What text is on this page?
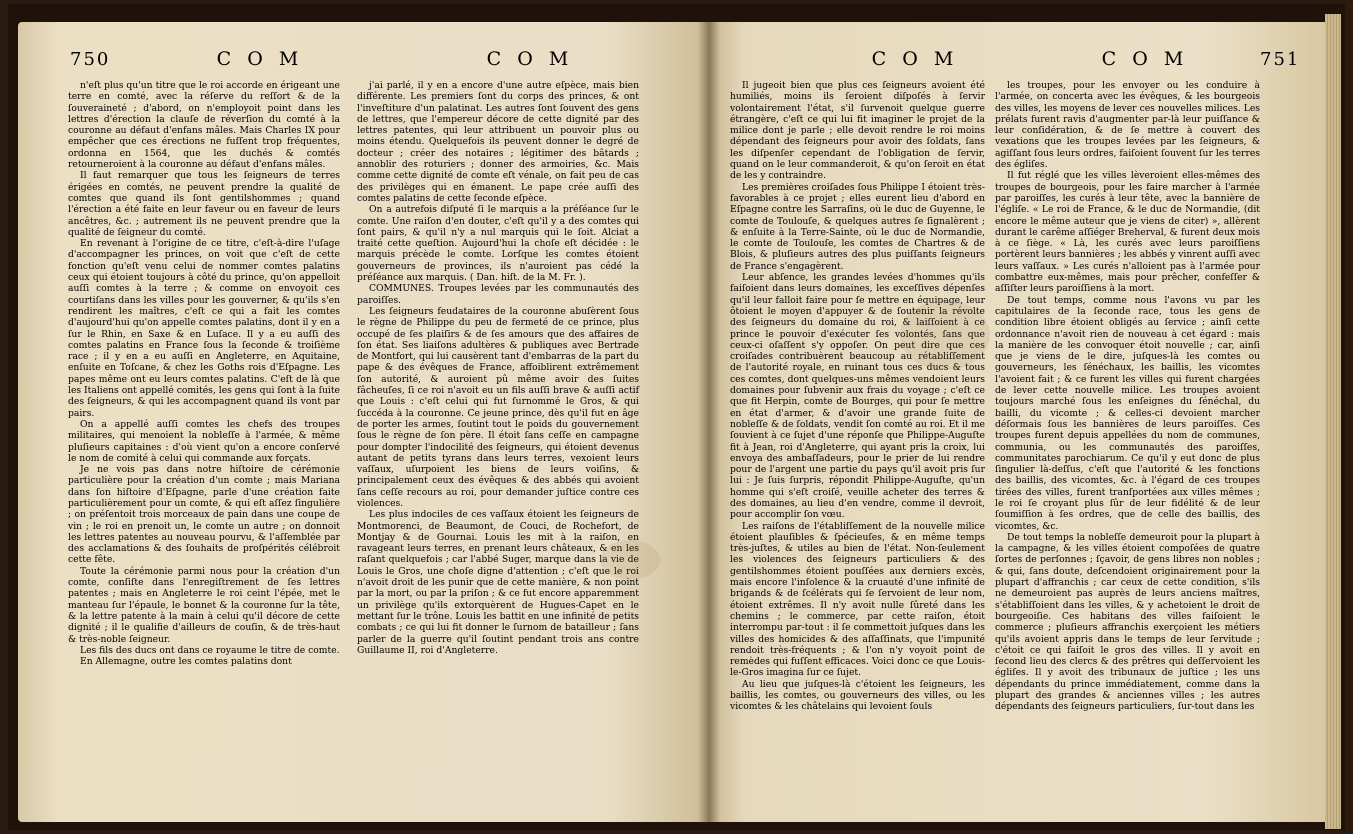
750	C O M	C O M	C O M	C O M	751

n'eſt plus qu'un titre que le roi accorde en érigeant une terre en comté, avec la réſerve du reſſort & de la ſouveraineté ; d'abord, on n'employoit point dans les lettres d'érection la clauſe de réverſion du comté à la couronne au défaut d'enfans mâles. Mais Charles IX pour empêcher que ces érections ne fuſſent trop fréquentes, ordonna en 1564, que les duchés & comtés retourneroient à la couronne au défaut d'enfans mâles.

Il faut remarquer que tous les ſeigneurs de terres érigées en comtés, ne peuvent prendre la qualité de comtes que quand ils ſont gentilshommes ; quand l'érection a été faite en leur faveur ou en faveur de leurs ancêtres, &c. ; autrement ils ne peuvent prendre que la qualité de ſeigneur du comté.

En revenant à l'origine de ce titre, c'eſt-à-dire l'uſage d'accompagner les princes, on voit que c'eſt de cette fonction qu'eſt venu celui de nommer comtes palatins ceux qui étoient toujours à côté du prince, qu'on appelloit auſſi comtes à la terre ; & comme on envoyoit ces courtiſans dans les villes pour les gouverner, & qu'ils s'en rendirent les maîtres, c'eſt ce qui a fait les comtes d'aujourd'hui qu'on appelle comtes palatins, dont il y en a ſur le Rhin, en Saxe & en Luſace. Il y a eu auſſi des comtes palatins en France ſous la ſeconde & troiſième race ; il y en a eu auſſi en Angleterre, en Aquitaine, enſuite en Toſcane, & chez les Goths rois d'Eſpagne. Les papes même ont eu leurs comtes palatins. C'eſt de là que les Italiens ont appellé comités, les gens qui ſont à la ſuite des ſeigneurs, & qui les accompagnent quand ils vont par pairs.

On a appellé auſſi comtes les chefs des troupes militaires, qui menoient la nobleſſe à l'armée, & même pluſieurs capitaines : d'où vient qu'on a encore conſervé le nom de comité à celui qui commande aux forçats.

Je ne vois pas dans notre hiſtoire de cérémonie particulière pour la création d'un comte ; mais Mariana dans ſon hiſtoire d'Eſpagne, parle d'une création faite particulièrement pour un comte, & qui eſt aſſez ſingulière ; on préſentoit trois morceaux de pain dans une coupe de vin ; le roi en prenoit un, le comte un autre ; on donnoit les lettres patentes au nouveau pourvu, & l'aſſemblée par des acclamations & des ſouhaits de proſpérités célébroit cette fête.

Toute la cérémonie parmi nous pour la création d'un comte, conſiſte dans l'enregiſtrement de ſes lettres patentes ; mais en Angleterre le roi ceint l'épée, met le manteau ſur l'épaule, le bonnet & la couronne ſur la tête, & la lettre patente à la main à celui qu'il décore de cette dignité ; il le qualifie d'ailleurs de couſin, & de très-haut & très-noble ſeigneur.

Les fils des ducs ont dans ce royaume le titre de comte.

En Allemagne, outre les comtes palatins dont

j'ai parlé, il y en a encore d'une autre eſpèce, mais bien différente. Les premiers ſont du corps des princes, & ont l'inveſtiture d'un palatinat. Les autres ſont ſouvent des gens de lettres, que l'empereur décore de cette dignité par des lettres patentes, qui leur attribuent un pouvoir plus ou moins étendu. Quelquefois ils peuvent donner le degré de docteur ; créer des notaires ; légitimer des bâtards ; annoblir des roturiers ; donner des armoiries, &c. Mais comme cette dignité de comte eſt vénale, on fait peu de cas des privilèges qui en émanent. Le pape crée auſſi des comtes palatins de cette ſeconde eſpèce.

On a autrefois diſputé ſi le marquis a la préſéance ſur le comte. Une raiſon d'en douter, c'eſt qu'il y a des comtes qui ſont pairs, & qu'il n'y a nul marquis qui le ſoit. Alciat a traité cette queſtion. Aujourd'hui la choſe eſt décidée : le marquis précède le comte. Lorſque les comtes étoient gouverneurs de provinces, ils n'auroient pas cédé la préſéance aux marquis. ( Dan. hiſt. de la M. Fr. ).

COMMUNES. Troupes levées par les communautés des paroiſſes.

Les ſeigneurs feudataires de la couronne abuſèrent ſous le règne de Philippe du peu de fermeté de ce prince, plus occupé de ſes plaiſirs & de ſes amours que des affaires de ſon état. Ses liaiſons adultères & publiques avec Bertrade de Montfort, qui lui causèrent tant d'embarras de la part du pape & des évêques de France, affoiblirent extrêmement ſon autorité, & auroient pû même avoir des ſuites fâcheuſes, ſi ce roi n'avoit eu un fils auſſi brave & auſſi actif que Louis : c'eſt celui qui fut ſurnommé le Gros, & qui ſuccéda à la couronne. Ce jeune prince, dès qu'il fut en âge de porter les armes, ſoutint tout le poids du gouvernement ſous le règne de ſon père. Il étoit ſans ceſſe en campagne pour dompter l'indocilité des ſeigneurs, qui étoient devenus autant de petits tyrans dans leurs terres, vexoient leurs vaſſaux, uſurpoient les biens de leurs voiſins, & principalement ceux des évêques & des abbés qui avoient ſans ceſſe recours au roi, pour demander juſtice contre ces violences.

Les plus indociles de ces vaſſaux étoient les ſeigneurs de Montmorenci, de Beaumont, de Couci, de Rochefort, de Montjay & de Gournai. Louis les mit à la raiſon, en ravageant leurs terres, en prenant leurs châteaux, & en les raſant quelquefois ; car l'abbé Suger, marque dans la vie de Louis le Gros, une choſe digne d'attention ; c'eſt que le roi n'avoit droit de les punir que de cette manière, & non point par la mort, ou par la priſon ; & ce fut encore apparemment un privilège qu'ils extorquèrent de Hugues-Capet en le mettant ſur le trône. Louis les battit en une infinité de petits combats ; ce qui lui fit donner le ſurnom de batailleur ; ſans parler de la guerre qu'il ſoutint pendant trois ans contre Guillaume II, roi d'Angleterre.

Il jugeoit bien que plus ces ſeigneurs avoient été humiliés, moins ils ſeroient diſpoſés à ſervir volontairement l'état, s'il ſurvenoit quelque guerre étrangère, c'eſt ce qui lui fit imaginer le projet de la milice dont je parle ; elle devoit rendre le roi moins dépendant des ſeigneurs pour avoir des ſoldats, ſans les diſpenſer cependant de l'obligation de ſervir, quand on le leur commanderoit, & qu'on ſeroit en état de les y contraindre.

Les premières croiſades ſous Philippe I étoient très-favorables à ce projet ; elles eurent lieu d'abord en Eſpagne contre les Sarraſins, où le duc de Guyenne, le comte de Toulouſe, & quelques autres ſe ſignalèrent ; & enſuite à la Terre-Sainte, où le duc de Normandie, le comte de Toulouſe, les comtes de Chartres & de Blois, & pluſieurs autres des plus puiſſants ſeigneurs de France s'engagèrent.

Leur abſence, les grandes levées d'hommes qu'ils faiſoient dans leurs domaines, les exceſſives dépenſes qu'il leur falloit faire pour ſe mettre en équipage, leur ôtoient le moyen d'appuyer & de ſoutenir la révolte des ſeigneurs du domaine du roi, & laiſſoient à ce prince le pouvoir d'exécuter ſes volontés, ſans que ceux-ci oſaſſent s'y oppoſer. On peut dire que ces croiſades contribuèrent beaucoup au rétabliſſement de l'autorité royale, en ruinant tous ces ducs & tous ces comtes, dont quelques-uns mêmes vendoient leurs domaines pour ſubvenir aux frais du voyage ; c'eſt ce que fit Herpin, comte de Bourges, qui pour ſe mettre en état d'armer, & d'avoir une grande ſuite de nobleſſe & de ſoldats, vendit ſon comté au roi. Et il me ſouvient à ce ſujet d'une réponſe que Philippe-Auguſte fit à Jean, roi d'Angleterre, qui ayant pris la croix, lui envoya des ambaſſadeurs, pour le prier de lui rendre pour de l'argent une partie du pays qu'il avoit pris ſur lui : Je ſuis ſurpris, répondit Philippe-Auguſte, qu'un homme qui s'eſt croiſé, veuille acheter des terres & des domaines, au lieu d'en vendre, comme il devroit, pour accomplir ſon vœu.

Les raiſons de l'établiſſement de la nouvelle milice étoient plauſibles & ſpécieuſes, & en même temps très-juſtes, & utiles au bien de l'état. Non-ſeulement les violences des ſeigneurs particuliers & des gentilshommes étoient pouſſées aux derniers excès, mais encore l'inſolence & la cruauté d'une infinité de brigands & de ſcélérats qui ſe ſervoient de leur nom, étoient extrêmes. Il n'y avoit nulle ſûreté dans les chemins ; le commerce, par cette raiſon, étoit interrompu par-tout : il ſe commettoit juſques dans les villes des homicides & des aſſaſſinats, que l'impunité rendoit très-fréquents ; & l'on n'y voyoit point de remèdes qui fuſſent efficaces. Voici donc ce que Louis-le-Gros imagina ſur ce ſujet.

Au lieu que juſques-là c'étoient les ſeigneurs, les baillis, les comtes, ou gouverneurs des villes, ou les vicomtes & les châtelains qui levoient ſouls

les troupes, pour les envoyer ou les conduire à l'armée, on concerta avec les évêques, & les bourgeois des villes, les moyens de lever ces nouvelles milices. Les prélats furent ravis d'augmenter par-là leur puiſſance & leur conſidération, & de ſe mettre à couvert des vexations que les troupes levées par les ſeigneurs, & agiſſant ſous leurs ordres, faiſoient ſouvent ſur les terres des égliſes.

Il fut réglé que les villes lèveroient elles-mêmes des troupes de bourgeois, pour les faire marcher à l'armée par paroiſſes, les curés à leur tête, avec la bannière de l'égliſe. « Le roi de France, & le duc de Normandie, (dit encore le même auteur que je viens de citer) », allèrent durant le carême aſſiéger Breherval, & furent deux mois à ce ſiège. « Là, les curés avec leurs paroiſſiens portèrent leurs bannières ; les abbés y vinrent auſſi avec leurs vaſſaux. » Les curés n'alloient pas à l'armée pour combattre eux-mêmes, mais pour prêcher, confeſſer & aſſiſter leurs paroiſſiens à la mort.

De tout temps, comme nous l'avons vu par les capitulaires de la ſeconde race, tous les gens de condition libre étoient obligés au ſervice ; ainſi cette ordonnance n'avoit rien de nouveau à cet égard : mais la manière de les convoquer étoit nouvelle ; car, ainſi que je viens de le dire, juſques-là les comtes ou gouverneurs, les ſénéchaux, les baillis, les vicomtes l'avoient fait ; & ce furent les villes qui furent chargées de lever cette nouvelle milice. Les troupes avoient toujours marché ſous les enſeignes du ſénéchal, du bailli, du vicomte ; & celles-ci devoient marcher déſormais ſous les bannières de leurs paroiſſes. Ces troupes furent depuis appellées du nom de communes, communia, ou les communautés des paroiſſes, communitates parochiarum. Ce qu'il y eut donc de plus ſingulier là-deſſus, c'eſt que l'autorité & les fonctions des baillis, des vicomtes, &c. à l'égard de ces troupes tirées des villes, furent tranſportées aux villes mêmes ; le roi ſe croyant plus ſûr de leur fidélité & de leur ſoumiſſion à ſes ordres, que de celle des baillis, des vicomtes, &c.

De tout temps la nobleſſe demeuroit pour la plupart à la campagne, & les villes étoient compoſées de quatre ſortes de perſonnes ; ſçavoir, de gens libres non nobles ; & qui, ſans doute, deſcendoient originairement pour la plupart d'affranchis ; car ceux de cette condition, s'ils ne demeuroient pas auprès de leurs anciens maîtres, s'établiſſoient dans les villes, & y achetoient le droit de bourgeoiſie. Ces habitans des villes faiſoient le commerce ; pluſieurs affranchis exerçoient les métiers qu'ils avoient appris dans le temps de leur ſervitude ; c'étoit ce qui faiſoit le gros des villes. Il y avoit en ſecond lieu des clercs & des prêtres qui deſſervoient les égliſes. Il y avoit des tribunaux de juſtice ; les uns dépendants du prince immédiatement, comme dans la plupart des grandes & anciennes villes ; les autres dépendants des ſeigneurs particuliers, ſur-tout dans les
